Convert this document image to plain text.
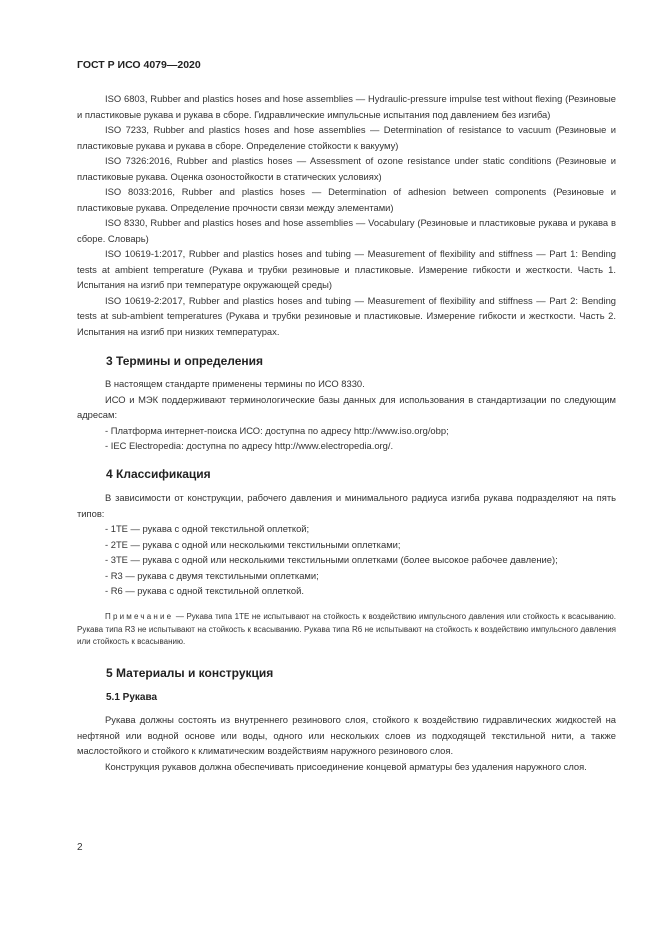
ГОСТ Р ИСО 4079—2020

ISO 6803, Rubber and plastics hoses and hose assemblies — Hydraulic-pressure impulse test without flexing (Резиновые и пластиковые рукава и рукава в сборе. Гидравлические импульсные испытания под давлением без изгиба)

ISO 7233, Rubber and plastics hoses and hose assemblies — Determination of resistance to vacuum (Резиновые и пластиковые рукава и рукава в сборе. Определение стойкости к вакууму)

ISO 7326:2016, Rubber and plastics hoses — Assessment of ozone resistance under static conditions (Резиновые и пластиковые рукава. Оценка озоностойкости в статических условиях)

ISO 8033:2016, Rubber and plastics hoses — Determination of adhesion between components (Резиновые и пластиковые рукава. Определение прочности связи между элементами)

ISO 8330, Rubber and plastics hoses and hose assemblies — Vocabulary (Резиновые и пластиковые рукава и рукава в сборе. Словарь)

ISO 10619-1:2017, Rubber and plastics hoses and tubing — Measurement of flexibility and stiffness — Part 1: Bending tests at ambient temperature (Рукава и трубки резиновые и пластиковые. Измерение гибкости и жесткости. Часть 1. Испытания на изгиб при температуре окружающей среды)

ISO 10619-2:2017, Rubber and plastics hoses and tubing — Measurement of flexibility and stiffness — Part 2: Bending tests at sub-ambient temperatures (Рукава и трубки резиновые и пластиковые. Измерение гибкости и жесткости. Часть 2. Испытания на изгиб при низких температурах.

3 Термины и определения

В настоящем стандарте применены термины по ИСО 8330.

ИСО и МЭК поддерживают терминологические базы данных для использования в стандартизации по следующим адресам:

- Платформа интернет-поиска ИСО: доступна по адресу http://www.iso.org/obp;

- IEC Electropedia: доступна по адресу http://www.electropedia.org/.

4 Классификация

В зависимости от конструкции, рабочего давления и минимального радиуса изгиба рукава подразделяют на пять типов:

- 1TE — рукава с одной текстильной оплеткой;

- 2TE — рукава с одной или несколькими текстильными оплетками;

- 3TE — рукава с одной или несколькими текстильными оплетками (более высокое рабочее давление);

- R3 — рукава с двумя текстильными оплетками;

- R6 — рукава с одной текстильной оплеткой.

Примечание — Рукава типа 1TE не испытывают на стойкость к воздействию импульсного давления или стойкость к всасыванию. Рукава типа R3 не испытывают на стойкость к всасыванию. Рукава типа R6 не испытывают на стойкость к воздействию импульсного давления или стойкость к всасыванию.
5 Материалы и конструкция
5.1 Рукава

Рукава должны состоять из внутреннего резинового слоя, стойкого к воздействию гидравлических жидкостей на нефтяной или водной основе или воды, одного или нескольких слоев из подходящей текстильной нити, а также маслостойкого и стойкого к климатическим воздействиям наружного резинового слоя.

Конструкция рукавов должна обеспечивать присоединение концевой арматуры без удаления наружного слоя.

2
